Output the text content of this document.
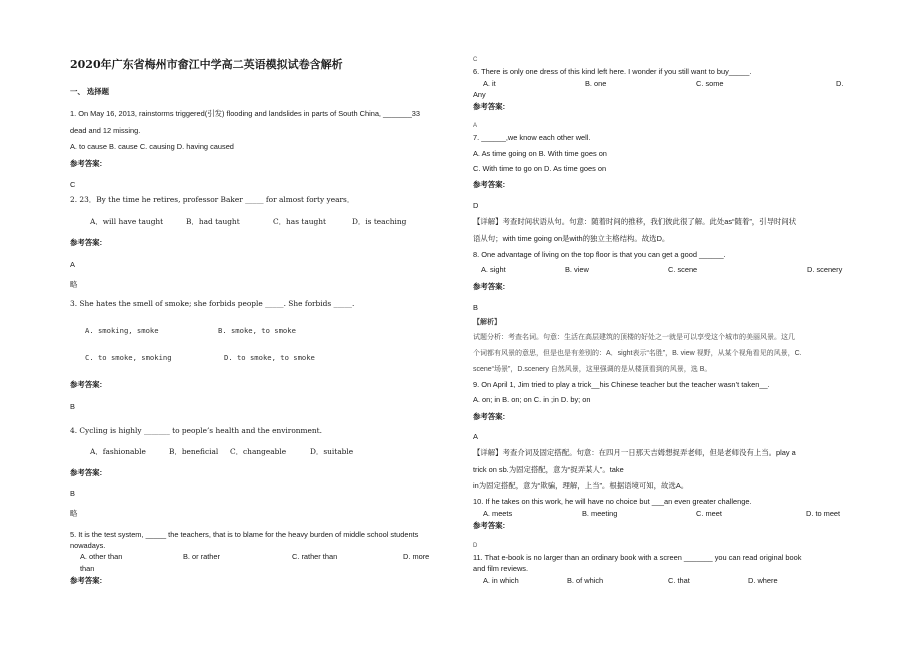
2020年广东省梅州市畲江中学高二英语模拟试卷含解析
一、 选择题
1. On May 16, 2013, rainstorms triggered(引发) flooding and landslides in parts of South China, _______33
dead and 12 missing.
A. to cause B. cause C. causing D. having caused
参考答案:
C
2. 23．By the time he retires, professor Baker _____ for almost forty years．
A．will have taught	B．had taught	C．has taught	D．is teaching
参考答案:
A
略
3. She hates the smell of smoke; she forbids people _____. She forbids _____.
A. smoking, smoke	B. smoke, to smoke
C. to smoke, smoking	D. to smoke, to smoke
参考答案:
B
4. Cycling is highly _______ to people’s health and the environment.
A．fashionable	B．beneficial C．changeable	D．suitable
参考答案:
B
略
5. It is the test system, _____ the teachers, that is to blame for the heavy burden of middle school students
nowadays.
A. other than	B. or rather	C. rather than	D. more
than
参考答案:
C
6. There is only one dress of this kind left here. I wonder if you still want to buy_____.
A. it	B. one	C. some	D.
Any
参考答案:
A
7. ______,we know each other well.
A. As time going on B. With time goes on
C. With time to go on D. As time goes on
参考答案:
D
【详解】考查时间状语从句。句意：随着时间的推移，我们彼此很了解。此处as“随着”，引导时间状
语从句；with time going on是with的独立主格结构。故选D。
8. One advantage of living on the top floor is that you can get a good ______.
A. sight	B. view	C. scene	D. scenery
参考答案:
B
【解析】
试题分析：考查名词。句意：生活在高层建筑的顶楼的好处之一就是可以享受这个城市的美丽风景。这几
个词都有风景的意思，但是也是有差别的：A．sight表示“名胜”，B. view 视野，从某个视角看见的风景，C.
scene“场景”，D.scenery 自然风景，这里强调的是从楼顶看到的风景，选 B。
9. On April 1, Jim tried to play a trick__his Chinese teacher but the teacher wasn’t taken__.
A. on; in B. on; on C. in ;in D. by; on
参考答案:
A
【详解】考查介词及固定搭配。句意：在四月一日那天吉姆想捉弄老师，但是老师没有上当。play a
trick on sb.为固定搭配，意为“捉弄某人”。take
in为固定搭配，意为“欺骗，理解，上当”。根据语境可知，故选A。
10. If he takes on this work, he will have no choice but ___an even greater challenge.
A. meets	B. meeting	C. meet	D. to meet
参考答案:
D
11. That e-book is no larger than an ordinary book with a screen _______ you can read original book
and film reviews.
A. in which	B. of which	C. that	D. where
